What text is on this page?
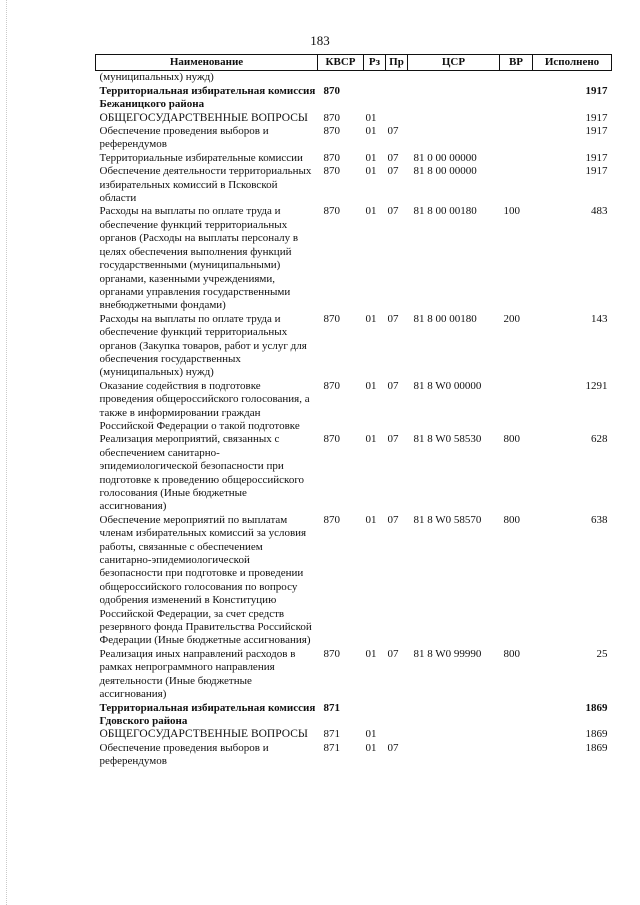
183
Наименование	КВСР	Рз	Пр	ЦСР	ВР	Исполнено
(муниципальных) нужд)						
Территориальная избирательная комиссия Бежаницкого района	870					1917
ОБЩЕГОСУДАРСТВЕННЫЕ ВОПРОСЫ	870	01				1917
Обеспечение проведения выборов и референдумов	870	01	07			1917
Территориальные избирательные комиссии	870	01	07	81 0 00 00000		1917
Обеспечение деятельности территориальных избирательных комиссий в Псковской области	870	01	07	81 8 00 00000		1917
Расходы на выплаты по оплате труда и обеспечение функций территориальных органов (Расходы на выплаты персоналу в целях обеспечения выполнения функций государственными (муниципальными) органами, казенными учреждениями, органами управления государственными внебюджетными фондами)	870	01	07	81 8 00 00180	100	483
Расходы на выплаты по оплате труда и обеспечение функций территориальных органов (Закупка товаров, работ и услуг для обеспечения государственных (муниципальных) нужд)	870	01	07	81 8 00 00180	200	143
Оказание содействия в подготовке проведения общероссийского голосования, а также в информировании граждан Российской Федерации о такой подготовке	870	01	07	81 8 W0 00000		1291
Реализация мероприятий, связанных с обеспечением санитарно-эпидемиологической безопасности при подготовке к проведению общероссийского голосования (Иные бюджетные ассигнования)	870	01	07	81 8 W0 58530	800	628
Обеспечение мероприятий по выплатам членам избирательных комиссий за условия работы, связанные с обеспечением санитарно-эпидемиологической безопасности при подготовке и проведении общероссийского голосования по вопросу одобрения изменений в Конституцию Российской Федерации, за счет средств резервного фонда Правительства Российской Федерации (Иные бюджетные ассигнования)	870	01	07	81 8 W0 58570	800	638
Реализация иных направлений расходов в рамках непрограммного направления деятельности (Иные бюджетные ассигнования)	870	01	07	81 8 W0 99990	800	25
Территориальная избирательная комиссия Гдовского района	871					1869
ОБЩЕГОСУДАРСТВЕННЫЕ ВОПРОСЫ	871	01				1869
Обеспечение проведения выборов и референдумов	871	01	07			1869
